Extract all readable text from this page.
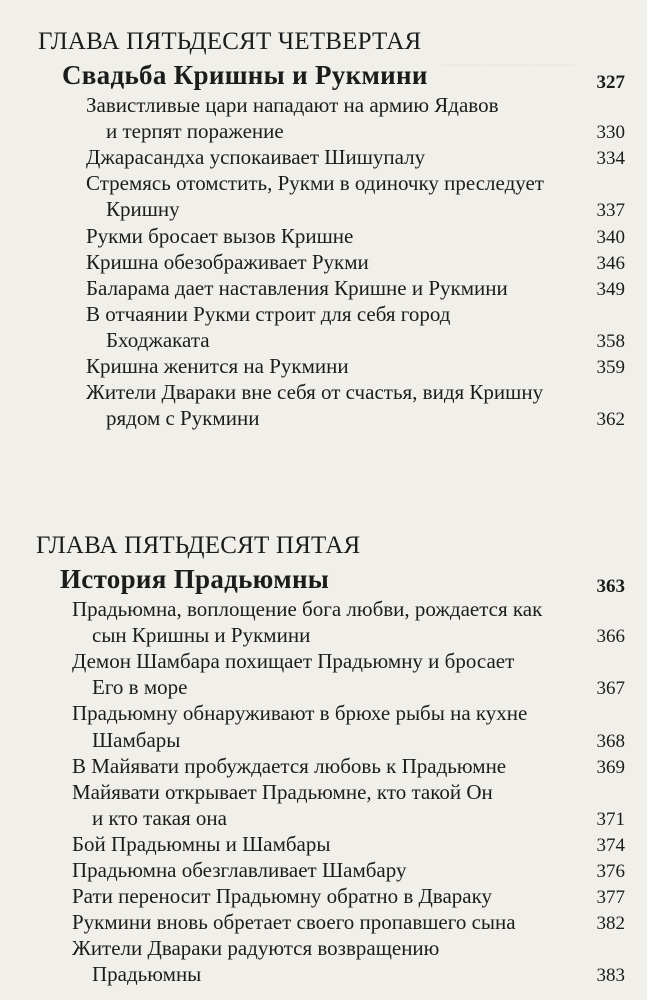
⸻⸻⸻
ГЛАВА ПЯТЬДЕСЯТ ЧЕТВЕРТАЯ
Свадьба Кришны и Рукмини	327
Завистливые цари нападают на армию Ядавов
и терпят поражение	330
Джарасандха успокаивает Шишупалу	334
Стремясь отомстить, Рукми в одиночку преследует
Кришну	337
Рукми бросает вызов Кришне	340
Кришна обезображивает Рукми	346
Баларама дает наставления Кришне и Рукмини	349
В отчаянии Рукми строит для себя город
Бходжаката	358
Кришна женится на Рукмини	359
Жители Двараки вне себя от счастья, видя Кришну
рядом с Рукмини	362
ГЛАВА ПЯТЬДЕСЯТ ПЯТАЯ
История Прадьюмны	363
Прадьюмна, воплощение бога любви, рождается как
сын Кришны и Рукмини	366
Демон Шамбара похищает Прадьюмну и бросает
Его в море	367
Прадьюмну обнаруживают в брюхе рыбы на кухне
Шамбары	368
В Майявати пробуждается любовь к Прадьюмне	369
Майявати открывает Прадьюмне, кто такой Он
и кто такая она	371
Бой Прадьюмны и Шамбары	374
Прадьюмна обезглавливает Шамбару	376
Рати переносит Прадьюмну обратно в Двараку	377
Рукмини вновь обретает своего пропавшего сына	382
Жители Двараки радуются возвращению
Прадьюмны	383
